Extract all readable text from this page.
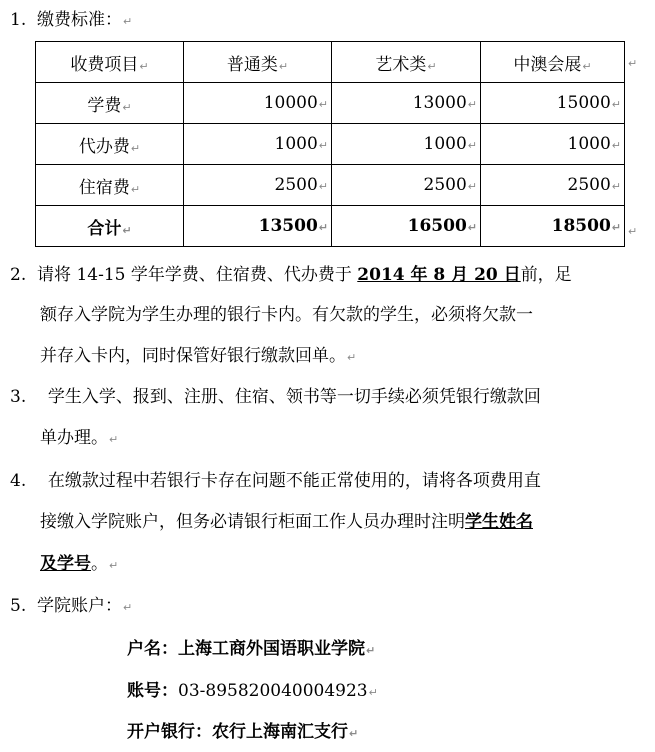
1. 缴费标准：↵
收费项目↵	普通类↵	艺术类↵	中澳会展↵
学费↵	10000↵	13000↵	15000↵
代办费↵	1000↵	1000↵	1000↵
住宿费↵	2500↵	2500↵	2500↵
合计↵	13500↵	16500↵	18500↵
↵
↵
2. 请将 14-15 学年学费、住宿费、代办费于 2014 年 8 月 20 日前，足
额存入学院为学生办理的银行卡内。有欠款的学生，必须将欠款一
并存入卡内，同时保管好银行缴款回单。↵
3. 学生入学、报到、注册、住宿、领书等一切手续必须凭银行缴款回
单办理。↵
4. 在缴款过程中若银行卡存在问题不能正常使用的，请将各项费用直
接缴入学院账户，但务必请银行柜面工作人员办理时注明学生姓名
及学号。↵
5. 学院账户：↵
户名：上海工商外国语职业学院↵
账号：03-895820040004923↵
开户银行：农行上海南汇支行↵
